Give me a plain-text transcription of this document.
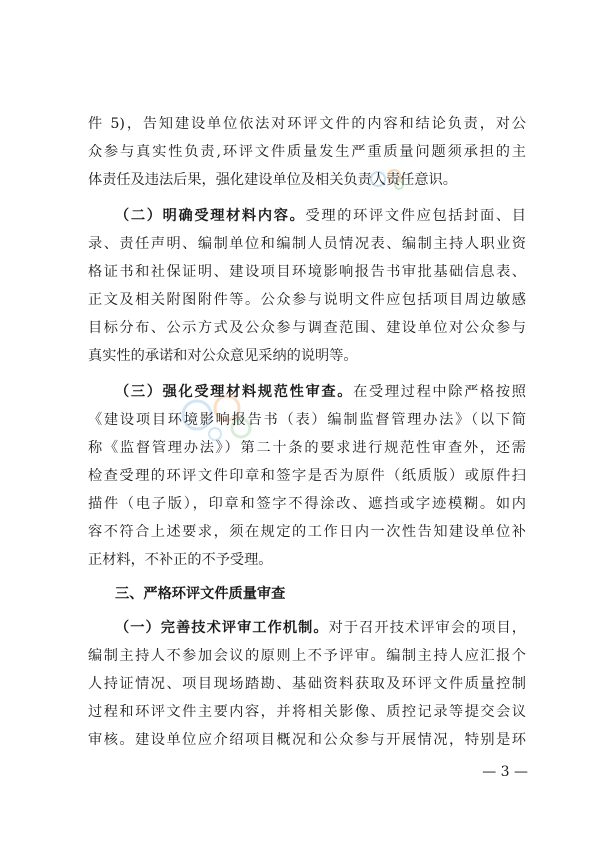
件 5)，告知建设单位依法对环评文件的内容和结论负责，对公
众参与真实性负责,环评文件质量发生严重质量问题须承担的主
体责任及违法后果，强化建设单位及相关负责人责任意识。
（二）明确受理材料内容。受理的环评文件应包括封面、目
录、责任声明、编制单位和编制人员情况表、编制主持人职业资
格证书和社保证明、建设项目环境影响报告书审批基础信息表、
正文及相关附图附件等。公众参与说明文件应包括项目周边敏感
目标分布、公示方式及公众参与调查范围、建设单位对公众参与
真实性的承诺和对公众意见采纳的说明等。
（三）强化受理材料规范性审查。在受理过程中除严格按照
《建设项目环境影响报告书（表）编制监督管理办法》（以下简
称《监督管理办法》）第二十条的要求进行规范性审查外，还需
检查受理的环评文件印章和签字是否为原件（纸质版）或原件扫
描件（电子版），印章和签字不得涂改、遮挡或字迹模糊。如内
容不符合上述要求，须在规定的工作日内一次性告知建设单位补
正材料，不补正的不予受理。
三、严格环评文件质量审查
（一）完善技术评审工作机制。对于召开技术评审会的项目，
编制主持人不参加会议的原则上不予评审。编制主持人应汇报个
人持证情况、项目现场踏勘、基础资料获取及环评文件质量控制
过程和环评文件主要内容，并将相关影像、质控记录等提交会议
审核。建设单位应介绍项目概况和公众参与开展情况，特别是环
— 3 —
